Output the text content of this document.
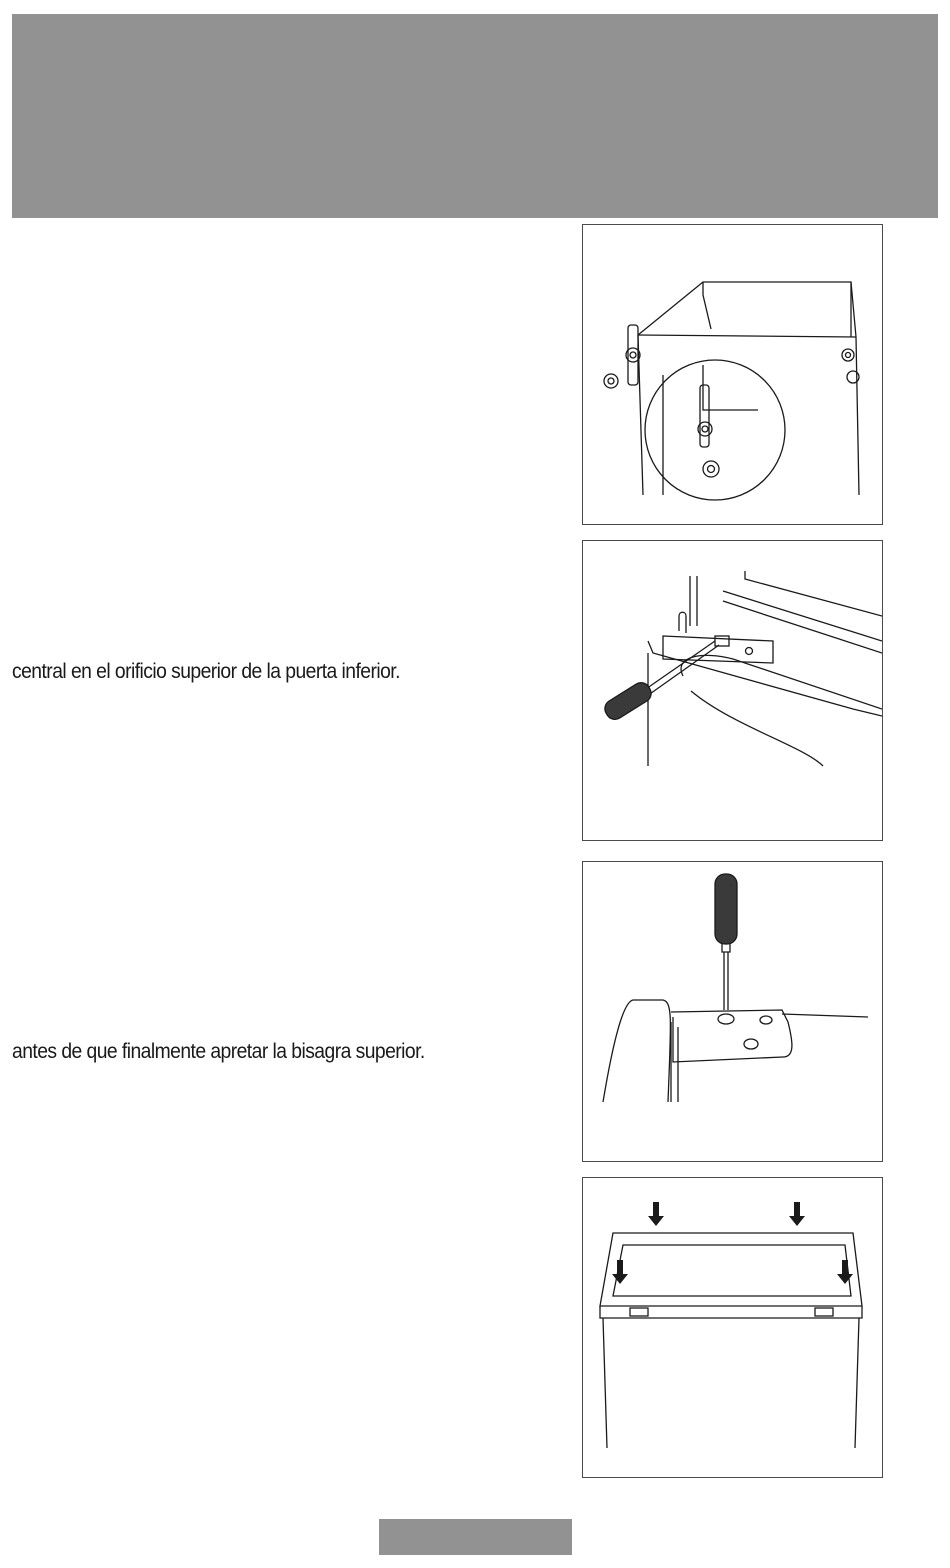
central en el orificio superior de la puerta inferior.
antes de que finalmente apretar la bisagra superior.
